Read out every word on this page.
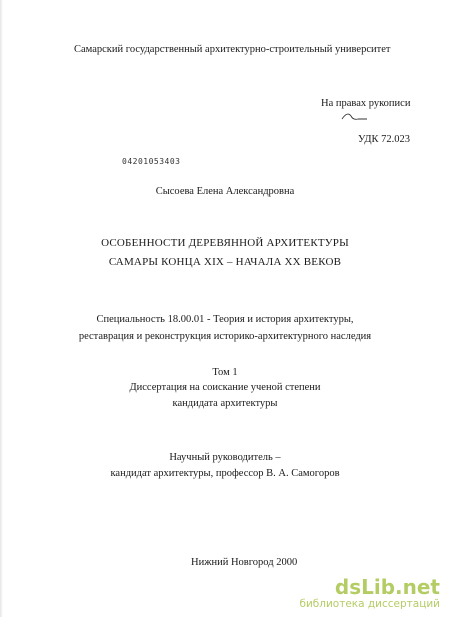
Самарский государственный архитектурно-строительный университет
На правах рукописи
УДК 72.023
04201053403
Сысоева Елена Александровна
ОСОБЕННОСТИ ДЕРЕВЯННОЙ АРХИТЕКТУРЫ
САМАРЫ КОНЦА XIX – НАЧАЛА XX ВЕКОВ
Специальность 18.00.01 - Теория и история архитектуры,
реставрация и реконструкция историко-архитектурного наследия
Том 1
Диссертация на соискание ученой степени
кандидата архитектуры
Научный руководитель –
кандидат архитектуры, профессор В. А. Самогоров
Нижний Новгород 2000
dsLib.net
библиотека диссертаций
